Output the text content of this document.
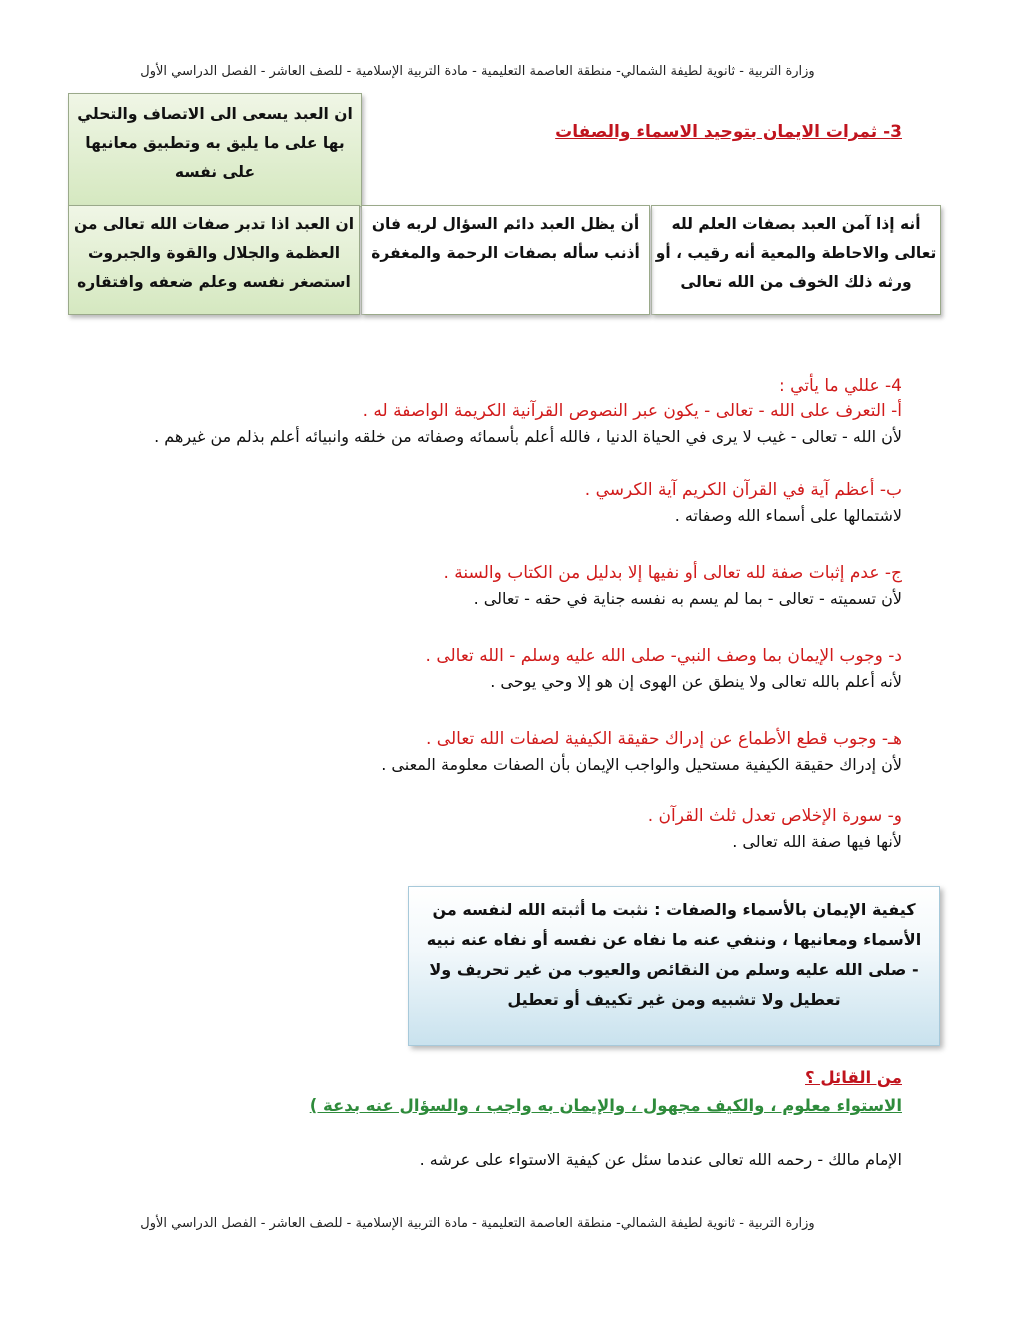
وزارة التربية - ثانوية لطيفة الشمالي- منطقة العاصمة التعليمية - مادة التربية الإسلامية - للصف العاشر - الفصل الدراسي الأول
ان العبد يسعى الى الاتصاف والتحلي بها على ما يليق به وتطبيق معانيها على نفسه
3- ثمرات الايمان بتوحيد الاسماء والصفات
أنه إذا آمن العبد بصفات العلم لله تعالى والاحاطة والمعية أنه رقيب ، أو ورثه ذلك الخوف من الله تعالى
أن يظل العبد دائم السؤال لربه فان أذنب سأله بصفات الرحمة والمغفرة
ان العبد اذا تدبر صفات الله تعالى من العظمة والجلال والقوة والجبروت استصغر نفسه وعلم ضعفه وافتقاره

4- عللي ما يأتي :

أ- التعرف على الله - تعالى - يكون عبر النصوص القرآنية الكريمة الواصفة له .

لأن الله - تعالى - غيب لا يرى في الحياة الدنيا ، فالله أعلم بأسمائه وصفاته من خلقه وانبيائه أعلم بذلم من غيرهم .

ب- أعظم آية في القرآن الكريم آية الكرسي .

لاشتمالها على أسماء الله وصفاته .

ج- عدم إثبات صفة لله تعالى أو نفيها إلا بدليل من الكتاب والسنة .

لأن تسميته - تعالى - بما لم يسم به نفسه جناية في حقه - تعالى .

د- وجوب الإيمان بما وصف النبي- صلى الله عليه وسلم - الله تعالى .

لأنه أعلم بالله تعالى ولا ينطق عن الهوى إن هو إلا وحي يوحى .

هـ- وجوب قطع الأطماع عن إدراك حقيقة الكيفية لصفات الله تعالى .

لأن إدراك حقيقة الكيفية مستحيل والواجب الإيمان بأن الصفات معلومة المعنى .

و- سورة الإخلاص تعدل ثلث القرآن .

لأنها فيها صفة الله تعالى .

كيفية الإيمان بالأسماء والصفات : نثبت ما أثبته الله لنفسه من الأسماء ومعانيها ، وننفي عنه ما نفاه عن نفسه أو نفاه عنه نبيه - صلى الله عليه وسلم من النقائص والعيوب من غير تحريف ولا تعطيل ولا تشبيه ومن غير تكييف أو تعطيل
من القائل ؟
الاستواء معلوم ، والكيف مجهول ، والإيمان به واجب ، والسؤال عنه بدعة )
الإمام مالك - رحمه الله تعالى عندما سئل عن كيفية الاستواء على عرشه .
وزارة التربية - ثانوية لطيفة الشمالي- منطقة العاصمة التعليمية - مادة التربية الإسلامية - للصف العاشر - الفصل الدراسي الأول
